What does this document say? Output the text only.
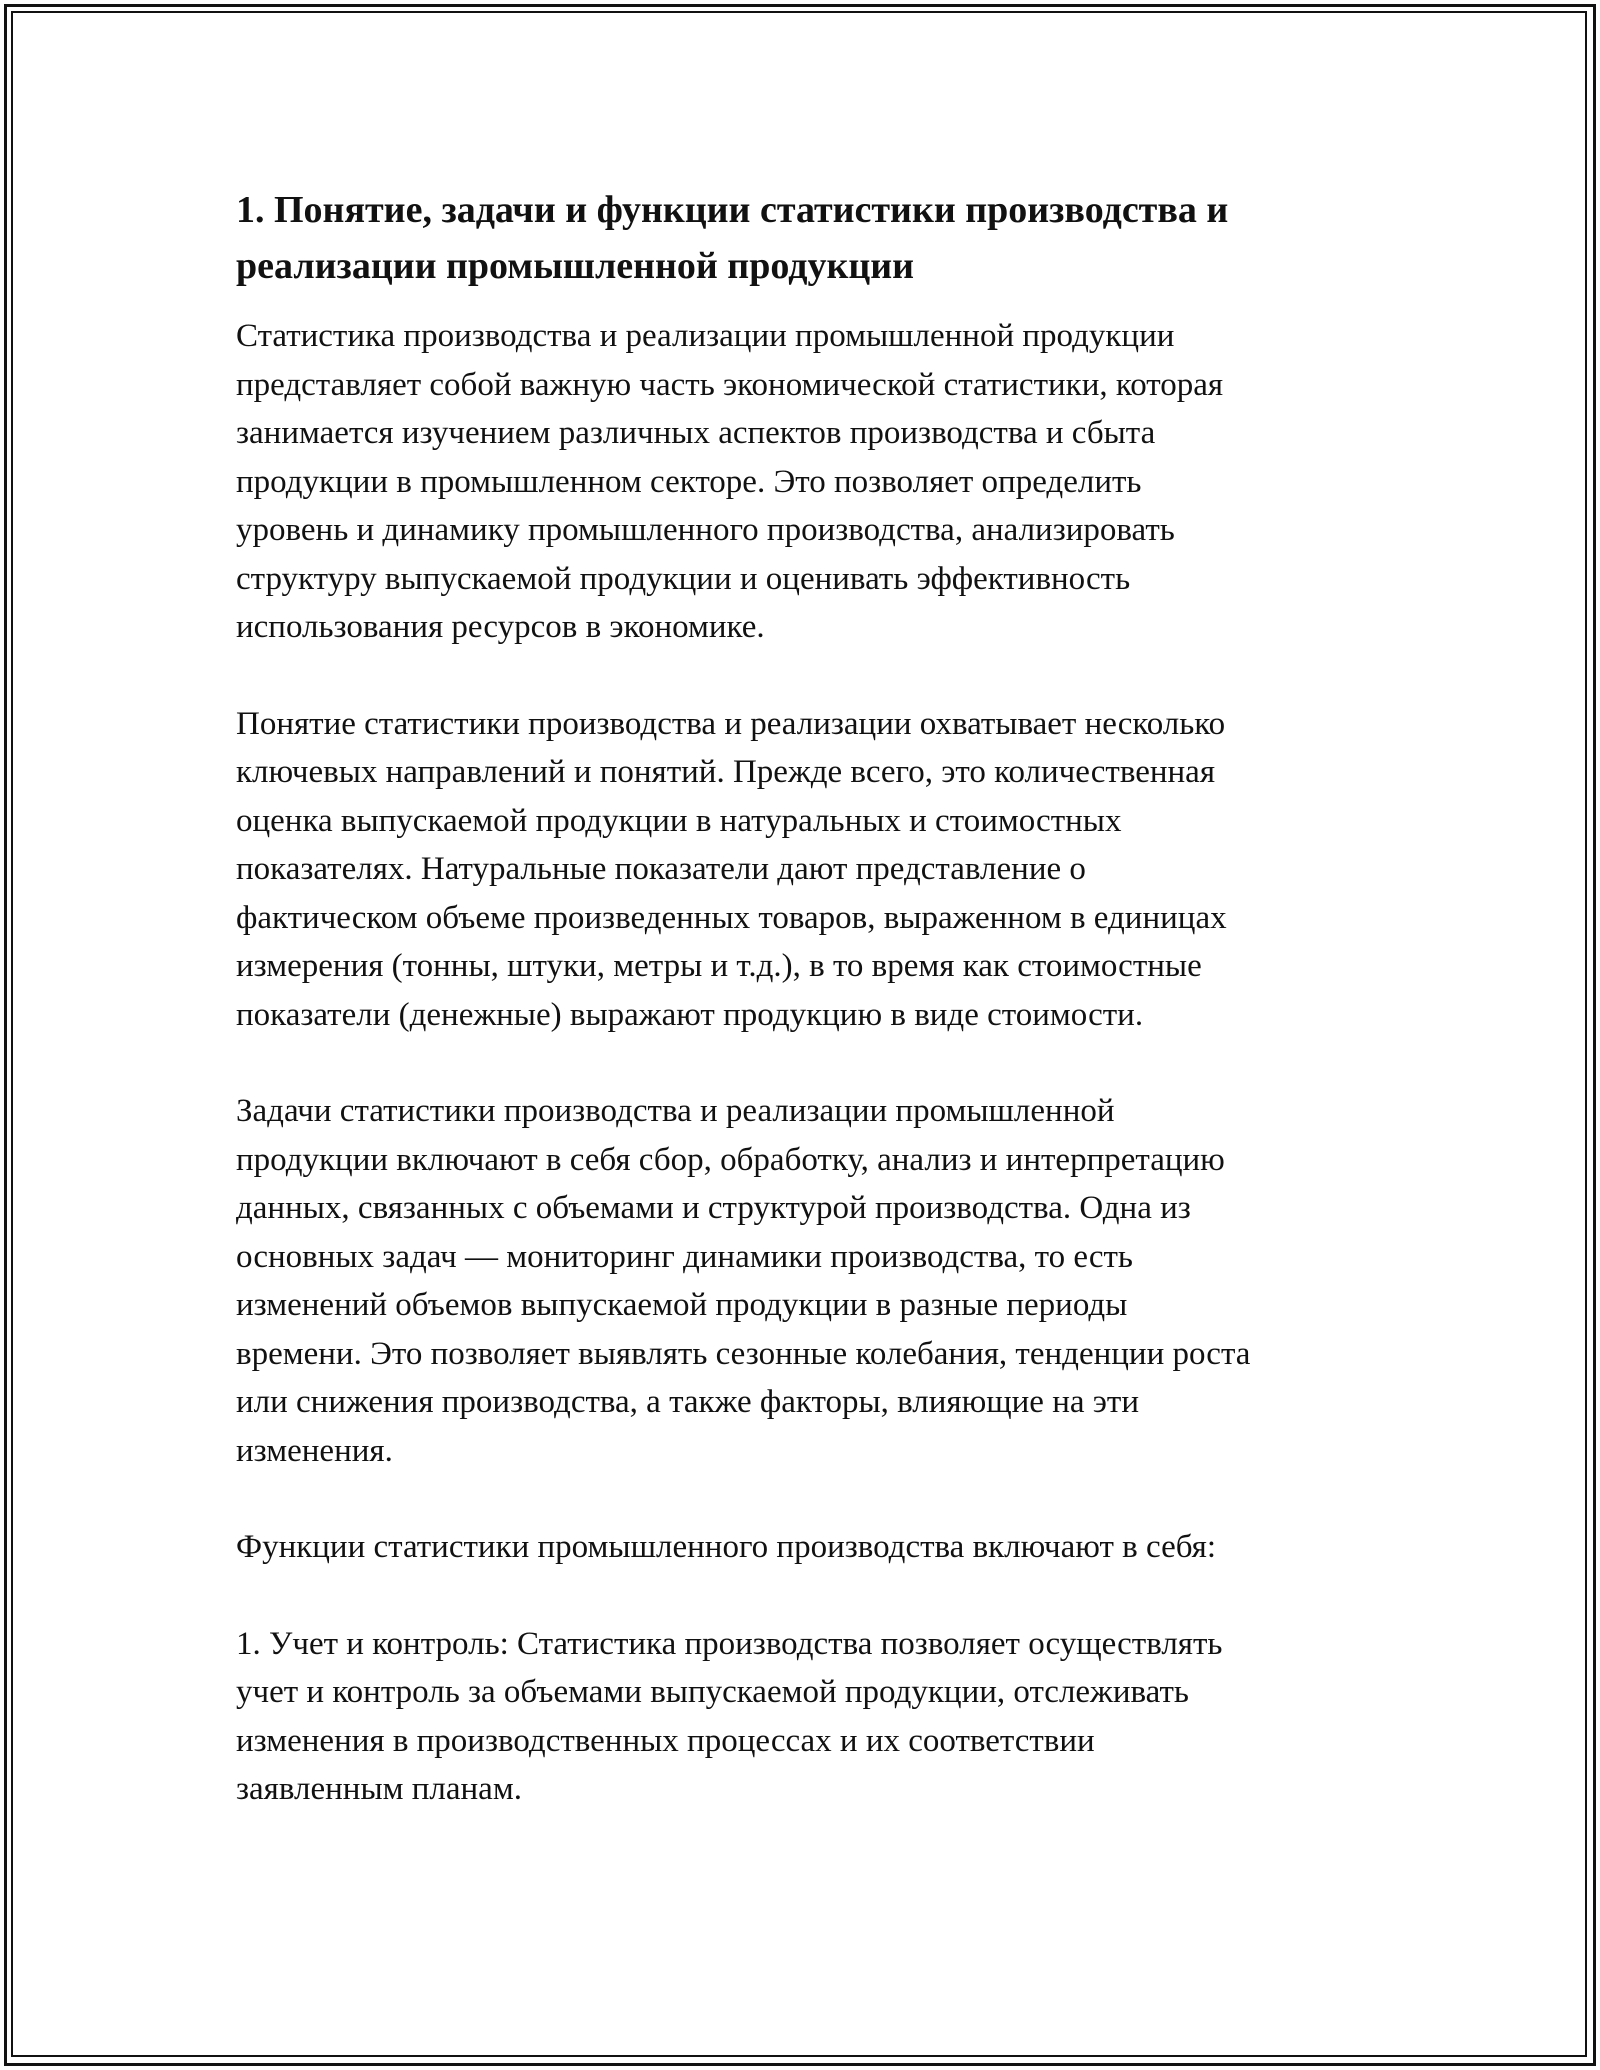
1. Понятие, задачи и функции статистики производства и
реализации промышленной продукции

Статистика производства и реализации промышленной продукции
представляет собой важную часть экономической статистики, которая
занимается изучением различных аспектов производства и сбыта
продукции в промышленном секторе. Это позволяет определить
уровень и динамику промышленного производства, анализировать
структуру выпускаемой продукции и оценивать эффективность
использования ресурсов в экономике.

Понятие статистики производства и реализации охватывает несколько
ключевых направлений и понятий. Прежде всего, это количественная
оценка выпускаемой продукции в натуральных и стоимостных
показателях. Натуральные показатели дают представление о
фактическом объеме произведенных товаров, выраженном в единицах
измерения (тонны, штуки, метры и т.д.), в то время как стоимостные
показатели (денежные) выражают продукцию в виде стоимости.

Задачи статистики производства и реализации промышленной
продукции включают в себя сбор, обработку, анализ и интерпретацию
данных, связанных с объемами и структурой производства. Одна из
основных задач — мониторинг динамики производства, то есть
изменений объемов выпускаемой продукции в разные периоды
времени. Это позволяет выявлять сезонные колебания, тенденции роста
или снижения производства, а также факторы, влияющие на эти
изменения.

Функции статистики промышленного производства включают в себя:

1. Учет и контроль: Статистика производства позволяет осуществлять
учет и контроль за объемами выпускаемой продукции, отслеживать
изменения в производственных процессах и их соответствии
заявленным планам.
